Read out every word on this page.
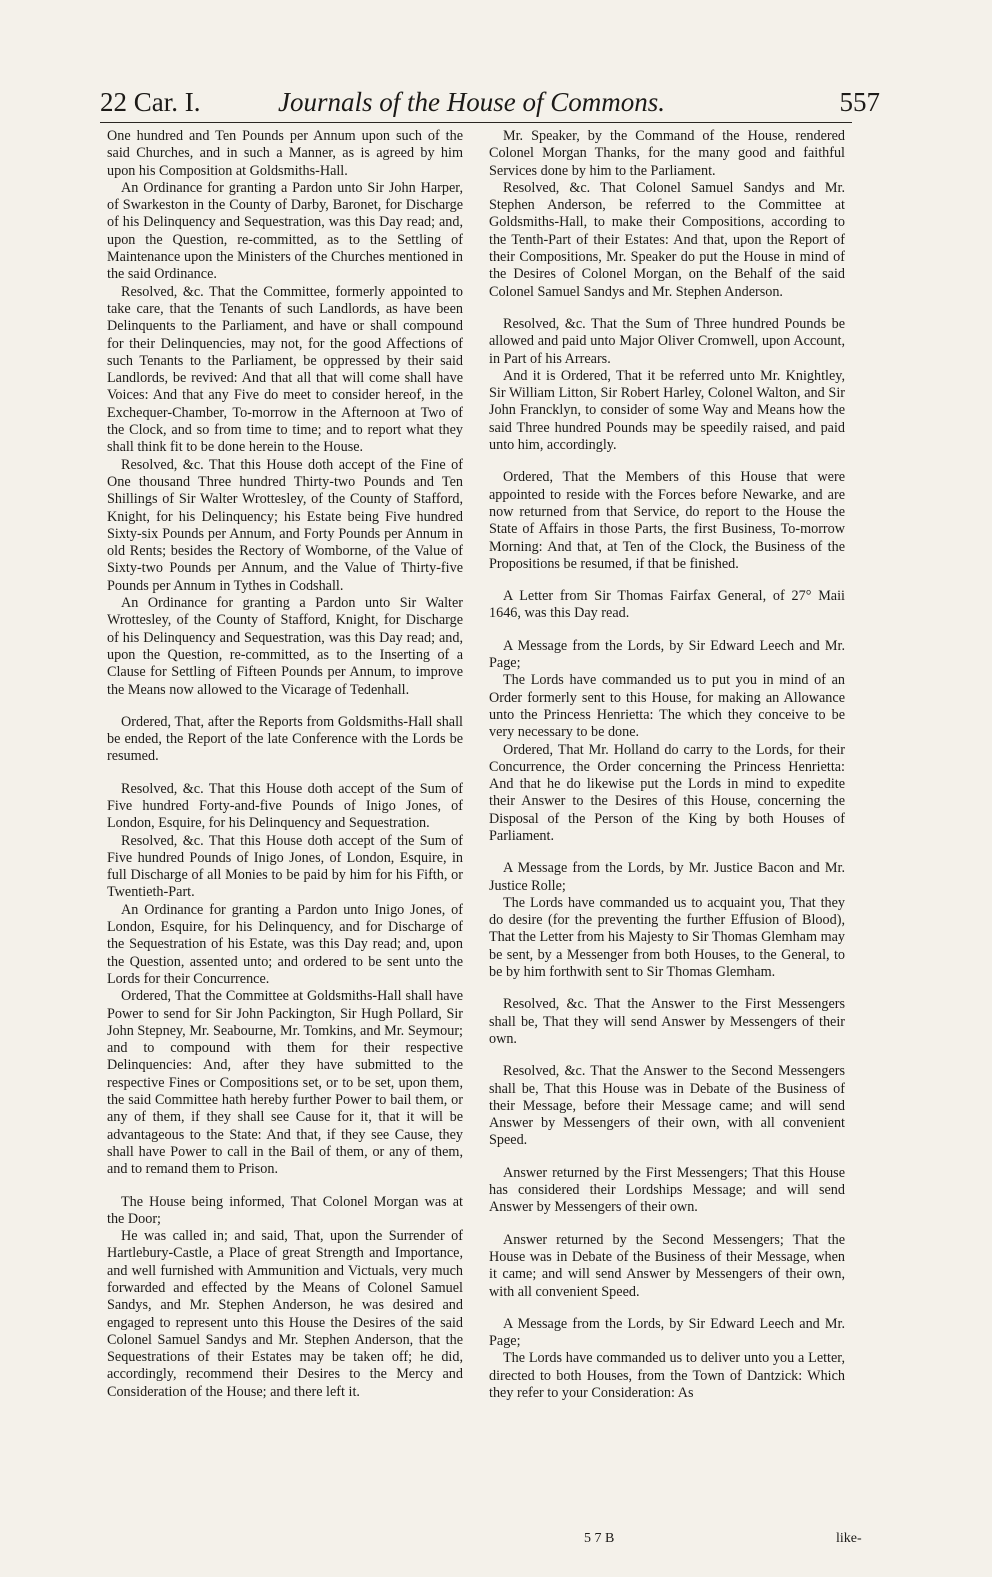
22 Car. I.	Journals of the House of Commons.	557

One hundred and Ten Pounds per Annum upon such of the said Churches, and in such a Manner, as is agreed by him upon his Composition at Goldsmiths-Hall.

An Ordinance for granting a Pardon unto Sir John Harper, of Swarkeston in the County of Darby, Baronet, for Discharge of his Delinquency and Sequestration, was this Day read; and, upon the Question, re-committed, as to the Settling of Maintenance upon the Ministers of the Churches mentioned in the said Ordinance.

Resolved, &c. That the Committee, formerly appointed to take care, that the Tenants of such Landlords, as have been Delinquents to the Parliament, and have or shall compound for their Delinquencies, may not, for the good Affections of such Tenants to the Parliament, be oppressed by their said Landlords, be revived: And that all that will come shall have Voices: And that any Five do meet to consider hereof, in the Exchequer-Chamber, To-morrow in the Afternoon at Two of the Clock, and so from time to time; and to report what they shall think fit to be done herein to the House.

Resolved, &c. That this House doth accept of the Fine of One thousand Three hundred Thirty-two Pounds and Ten Shillings of Sir Walter Wrottesley, of the County of Stafford, Knight, for his Delinquency; his Estate being Five hundred Sixty-six Pounds per Annum, and Forty Pounds per Annum in old Rents; besides the Rectory of Womborne, of the Value of Sixty-two Pounds per Annum, and the Value of Thirty-five Pounds per Annum in Tythes in Codshall.

An Ordinance for granting a Pardon unto Sir Walter Wrottesley, of the County of Stafford, Knight, for Discharge of his Delinquency and Sequestration, was this Day read; and, upon the Question, re-committed, as to the Inserting of a Clause for Settling of Fifteen Pounds per Annum, to improve the Means now allowed to the Vicarage of Tedenhall.

Ordered, That, after the Reports from Goldsmiths-Hall shall be ended, the Report of the late Conference with the Lords be resumed.

Resolved, &c. That this House doth accept of the Sum of Five hundred Forty-and-five Pounds of Inigo Jones, of London, Esquire, for his Delinquency and Sequestration.

Resolved, &c. That this House doth accept of the Sum of Five hundred Pounds of Inigo Jones, of London, Esquire, in full Discharge of all Monies to be paid by him for his Fifth, or Twentieth-Part.

An Ordinance for granting a Pardon unto Inigo Jones, of London, Esquire, for his Delinquency, and for Discharge of the Sequestration of his Estate, was this Day read; and, upon the Question, assented unto; and ordered to be sent unto the Lords for their Concurrence.

Ordered, That the Committee at Goldsmiths-Hall shall have Power to send for Sir John Packington, Sir Hugh Pollard, Sir John Stepney, Mr. Seabourne, Mr. Tomkins, and Mr. Seymour; and to compound with them for their respective Delinquencies: And, after they have submitted to the respective Fines or Compositions set, or to be set, upon them, the said Committee hath hereby further Power to bail them, or any of them, if they shall see Cause for it, that it will be advantageous to the State: And that, if they see Cause, they shall have Power to call in the Bail of them, or any of them, and to remand them to Prison.

The House being informed, That Colonel Morgan was at the Door;

He was called in; and said, That, upon the Surrender of Hartlebury-Castle, a Place of great Strength and Importance, and well furnished with Ammunition and Victuals, very much forwarded and effected by the Means of Colonel Samuel Sandys, and Mr. Stephen Anderson, he was desired and engaged to represent unto this House the Desires of the said Colonel Samuel Sandys and Mr. Stephen Anderson, that the Sequestrations of their Estates may be taken off; he did, accordingly, recommend their Desires to the Mercy and Consideration of the House; and there left it.

Mr. Speaker, by the Command of the House, rendered Colonel Morgan Thanks, for the many good and faithful Services done by him to the Parliament.

Resolved, &c. That Colonel Samuel Sandys and Mr. Stephen Anderson, be referred to the Committee at Goldsmiths-Hall, to make their Compositions, according to the Tenth-Part of their Estates: And that, upon the Report of their Compositions, Mr. Speaker do put the House in mind of the Desires of Colonel Morgan, on the Behalf of the said Colonel Samuel Sandys and Mr. Stephen Anderson.

Resolved, &c. That the Sum of Three hundred Pounds be allowed and paid unto Major Oliver Cromwell, upon Account, in Part of his Arrears.

And it is Ordered, That it be referred unto Mr. Knightley, Sir William Litton, Sir Robert Harley, Colonel Walton, and Sir John Francklyn, to consider of some Way and Means how the said Three hundred Pounds may be speedily raised, and paid unto him, accordingly.

Ordered, That the Members of this House that were appointed to reside with the Forces before Newarke, and are now returned from that Service, do report to the House the State of Affairs in those Parts, the first Business, To-morrow Morning: And that, at Ten of the Clock, the Business of the Propositions be resumed, if that be finished.

A Letter from Sir Thomas Fairfax General, of 27° Maii 1646, was this Day read.

A Message from the Lords, by Sir Edward Leech and Mr. Page;

The Lords have commanded us to put you in mind of an Order formerly sent to this House, for making an Allowance unto the Princess Henrietta: The which they conceive to be very necessary to be done.

Ordered, That Mr. Holland do carry to the Lords, for their Concurrence, the Order concerning the Princess Henrietta: And that he do likewise put the Lords in mind to expedite their Answer to the Desires of this House, concerning the Disposal of the Person of the King by both Houses of Parliament.

A Message from the Lords, by Mr. Justice Bacon and Mr. Justice Rolle;

The Lords have commanded us to acquaint you, That they do desire (for the preventing the further Effusion of Blood), That the Letter from his Majesty to Sir Thomas Glemham may be sent, by a Messenger from both Houses, to the General, to be by him forthwith sent to Sir Thomas Glemham.

Resolved, &c. That the Answer to the First Messengers shall be, That they will send Answer by Messengers of their own.

Resolved, &c. That the Answer to the Second Messengers shall be, That this House was in Debate of the Business of their Message, before their Message came; and will send Answer by Messengers of their own, with all convenient Speed.

Answer returned by the First Messengers; That this House has considered their Lordships Message; and will send Answer by Messengers of their own.

Answer returned by the Second Messengers; That the House was in Debate of the Business of their Message, when it came; and will send Answer by Messengers of their own, with all convenient Speed.

A Message from the Lords, by Sir Edward Leech and Mr. Page;

The Lords have commanded us to deliver unto you a Letter, directed to both Houses, from the Town of Dantzick: Which they refer to your Consideration: As

5 7 B	like-
